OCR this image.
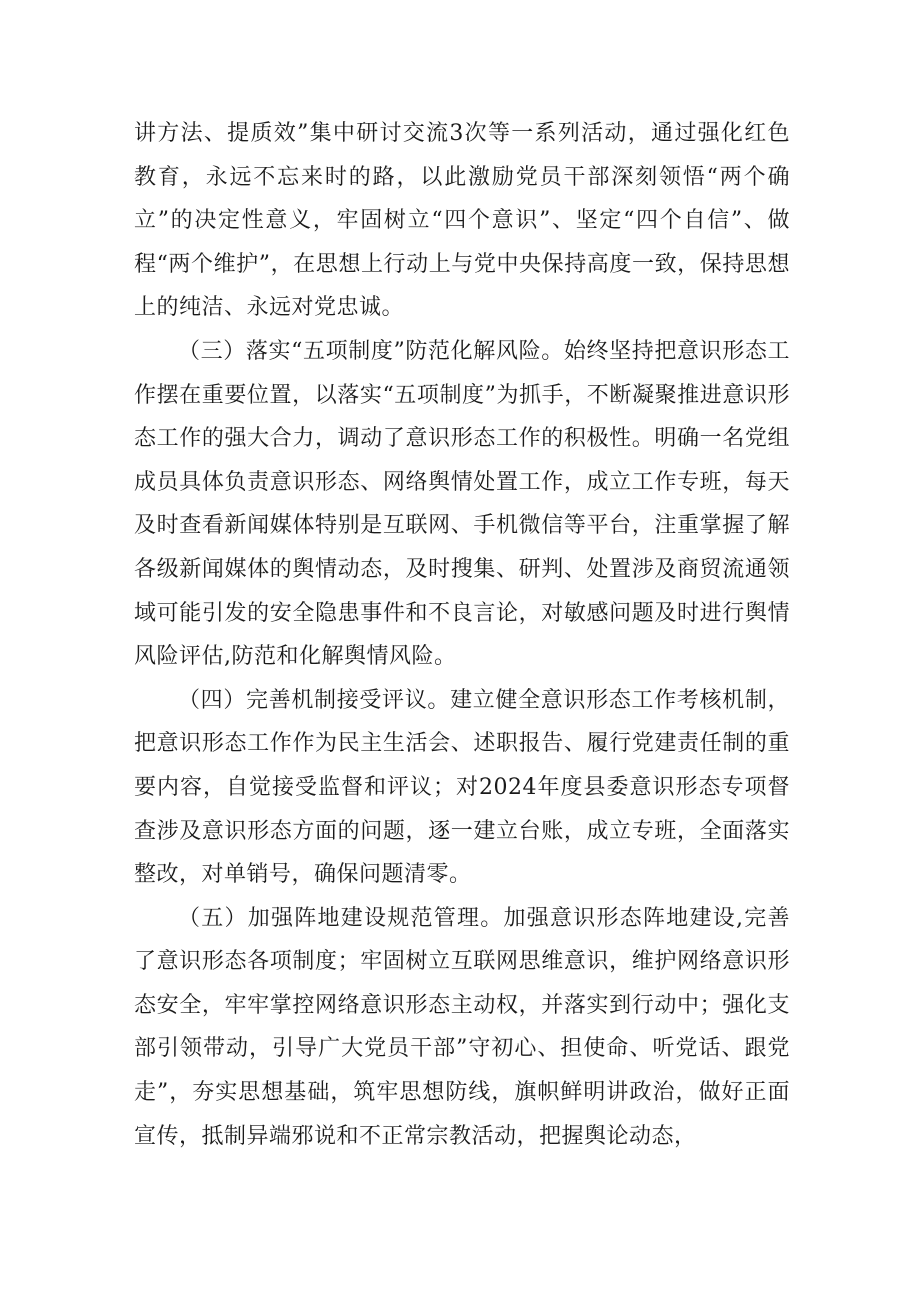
讲方法、提质效”集中研讨交流3次等一系列活动，通过强化红色教育，永远不忘来时的路，以此激励党员干部深刻领悟“两个确立”的决定性意义，牢固树立“四个意识”、坚定“四个自信”、做程“两个维护”，在思想上行动上与党中央保持高度一致，保持思想上的纯洁、永远对党忠诚。

（三）落实“五项制度”防范化解风险。始终坚持把意识形态工作摆在重要位置，以落实“五项制度”为抓手，不断凝聚推进意识形态工作的强大合力，调动了意识形态工作的积极性。明确一名党组成员具体负责意识形态、网络舆情处置工作，成立工作专班，每天及时查看新闻媒体特别是互联网、手机微信等平台，注重掌握了解各级新闻媒体的舆情动态，及时搜集、研判、处置涉及商贸流通领域可能引发的安全隐患事件和不良言论，对敏感问题及时进行舆情风险评估,防范和化解舆情风险。

（四）完善机制接受评议。建立健全意识形态工作考核机制，把意识形态工作作为民主生活会、述职报告、履行党建责任制的重要内容，自觉接受监督和评议；对2024年度县委意识形态专项督查涉及意识形态方面的问题，逐一建立台账，成立专班，全面落实整改，对单销号，确保问题清零。

（五）加强阵地建设规范管理。加强意识形态阵地建设,完善了意识形态各项制度；牢固树立互联网思维意识，维护网络意识形态安全，牢牢掌控网络意识形态主动权，并落实到行动中；强化支部引领带动，引导广大党员干部”守初心、担使命、听党话、跟党走”，夯实思想基础，筑牢思想防线，旗帜鲜明讲政治，做好正面宣传，抵制异端邪说和不正常宗教活动，把握舆论动态，
